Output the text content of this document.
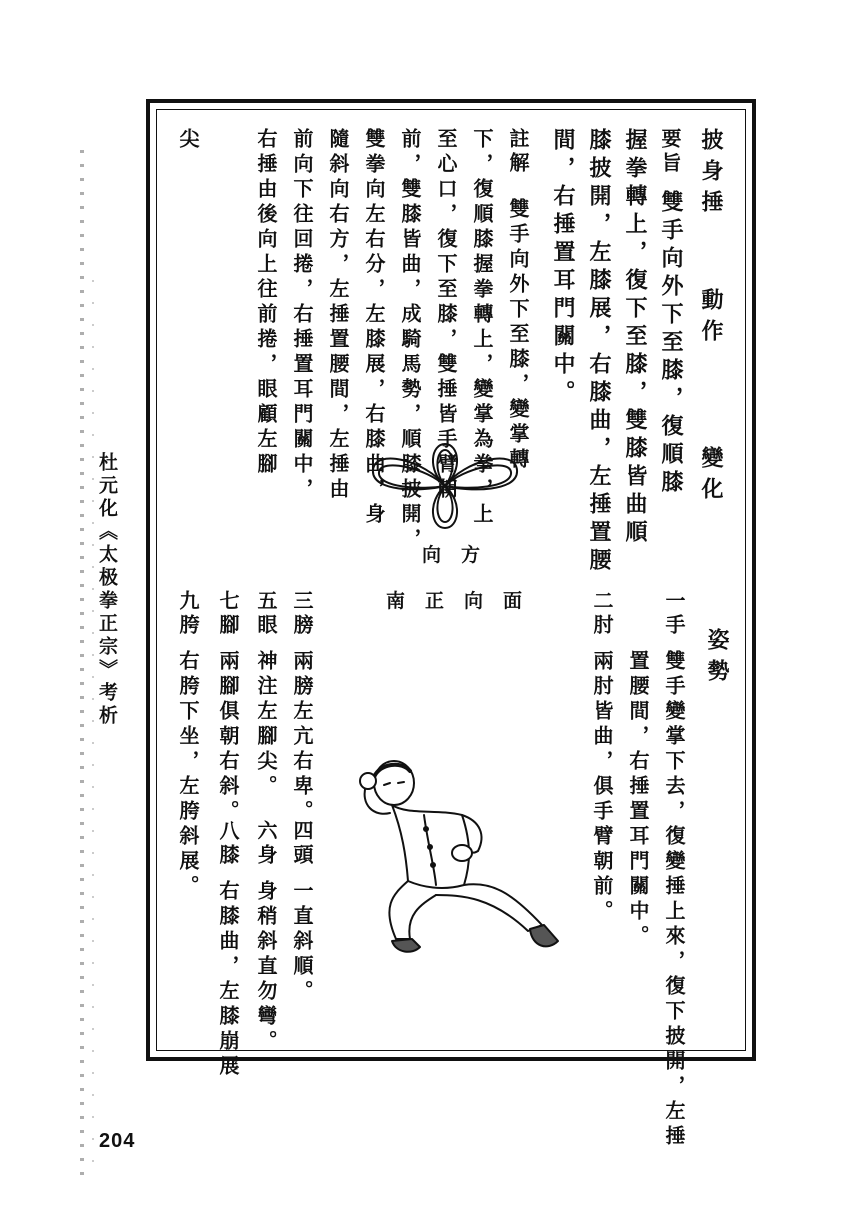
杜元化《太极拳正宗》考析
204
披身捶
動作
變化
要旨
雙手向外下至膝，復順膝
握拳轉上，復下至膝，雙膝皆曲順
膝披開，左膝展，右膝曲，左捶置腰
間，右捶置耳門關中。
註解
雙手向外下至膝，變掌轉
下，復順膝握拳轉上，變掌為拳，上
至心口，復下至膝，雙捶皆手臂朝
前，雙膝皆曲，成騎馬勢，順膝披開，
雙拳向左右分，左膝展，右膝曲，身
隨斜向右方，左捶置腰間，左捶由
前向下往回捲，右捶置耳門關中，
右捶由後向上往前捲，眼顧左腳
尖
向 方
南 正 向 面
姿勢
一手
雙手變掌下去，復變捶上來，復下披開，左捶
置腰間，右捶置耳門關中。
二肘
兩肘皆曲，俱手臂朝前。
三膀
兩膀左亢右卑。
四頭
一直斜順。
五眼
神注左腳尖。
六身
身稍斜直勿彎。
七腳
兩腳俱朝右斜。
八膝
右膝曲，左膝崩展
九胯
右胯下坐，左胯斜展。
